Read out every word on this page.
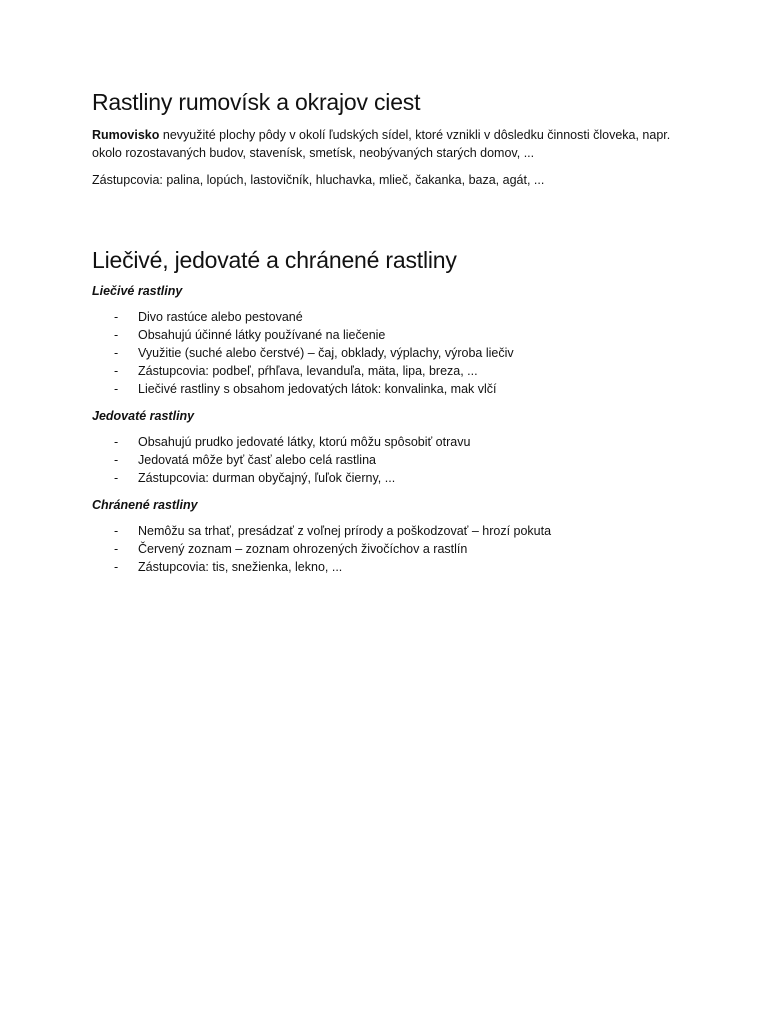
Rastliny rumovísk a okrajov ciest

Rumovisko nevyužité plochy pôdy v okolí ľudských sídel, ktoré vznikli v dôsledku činnosti človeka, napr. okolo rozostavaných budov, stavenísk, smetísk, neobývaných starých domov, ...

Zástupcovia: palina, lopúch, lastovičník, hluchavka, mlieč, čakanka, baza, agát, ...

Liečivé, jedovaté a chránené rastliny
Liečivé rastliny
- Divo rastúce alebo pestované
- Obsahujú účinné látky používané na liečenie
- Využitie (suché alebo čerstvé) – čaj, obklady, výplachy, výroba liečiv
- Zástupcovia: podbeľ, pŕhľava, levanduľa, mäta, lipa, breza, ...
- Liečivé rastliny s obsahom jedovatých látok: konvalinka, mak vlčí
Jedovaté rastliny
- Obsahujú prudko jedovaté látky, ktorú môžu spôsobiť otravu
- Jedovatá môže byť časť alebo celá rastlina
- Zástupcovia: durman obyčajný, ľuľok čierny, ...
Chránené rastliny
- Nemôžu sa trhať, presádzať z voľnej prírody a poškodzovať – hrozí pokuta
- Červený zoznam – zoznam ohrozených živočíchov a rastlín
- Zástupcovia: tis, snežienka, lekno, ...
